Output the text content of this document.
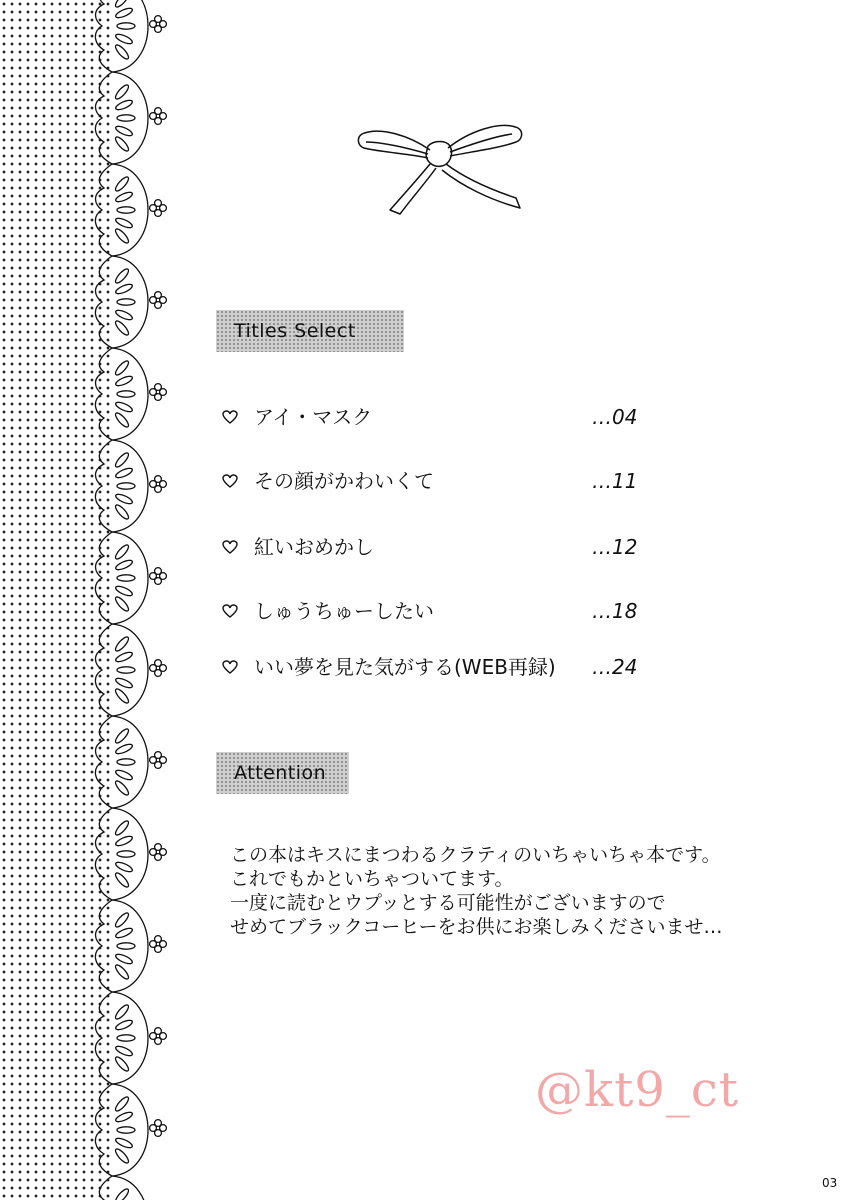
Titles Select
アイ・マスク	…04
その顔がかわいくて	…11
紅いおめかし	…12
しゅうちゅーしたい	…18
いい夢を見た気がする(WEB再録) …24
Attention
この本はキスにまつわるクラティのいちゃいちゃ本です。
これでもかといちゃついてます。
一度に読むとウプッとする可能性がございますので
せめてブラックコーヒーをお供にお楽しみくださいませ…
@kt9_ct
03
